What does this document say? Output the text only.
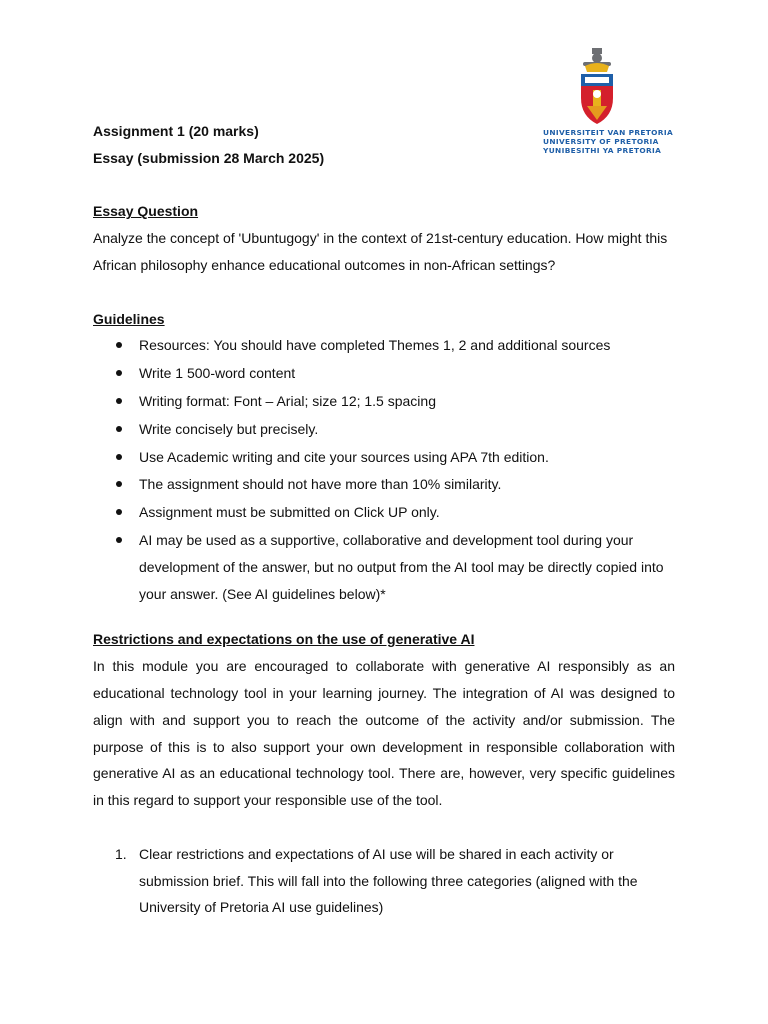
UNIVERSITEIT VAN PRETORIA
UNIVERSITY OF PRETORIA
YUNIBESITHI YA PRETORIA

Assignment 1 (20 marks)

Essay (submission 28 March 2025)

Essay Question

Analyze the concept of 'Ubuntugogy' in the context of 21st-century education. How might this African philosophy enhance educational outcomes in non-African settings?

Guidelines

Resources: You should have completed Themes 1, 2 and additional sources
Write 1 500-word content
Writing format: Font – Arial; size 12; 1.5 spacing
Write concisely but precisely.
Use Academic writing and cite your sources using APA 7th edition.
The assignment should not have more than 10% similarity.
Assignment must be submitted on Click UP only.
AI may be used as a supportive, collaborative and development tool during your development of the answer, but no output from the AI tool may be directly copied into your answer. (See AI guidelines below)*

Restrictions and expectations on the use of generative AI

In this module you are encouraged to collaborate with generative AI responsibly as an educational technology tool in your learning journey. The integration of AI was designed to align with and support you to reach the outcome of the activity and/or submission. The purpose of this is to also support your own development in responsible collaboration with generative AI as an educational technology tool. There are, however, very specific guidelines in this regard to support your responsible use of the tool.

1. Clear restrictions and expectations of AI use will be shared in each activity or submission brief. This will fall into the following three categories (aligned with the University of Pretoria AI use guidelines)
